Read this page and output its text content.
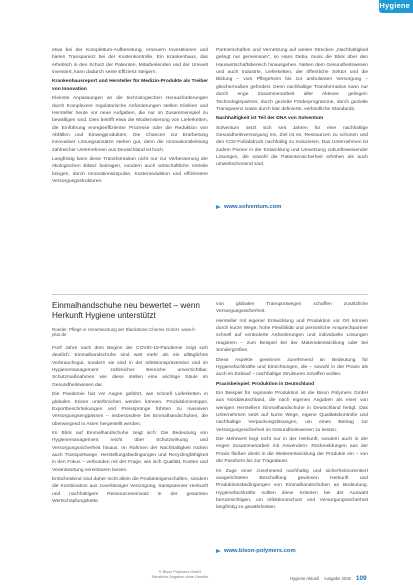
Hygiene

etwa bei der Komplettum-Aufbereitung, erneuern Investitionen und bieten Transparenz bei der Kostenkontrolle. Ein Krankenhaus, das erheblich in den Schutz der Patienten, Mitarbeitenden und der Umwelt investiert, kann dadurch seine Effizienz steigern.

Krankenhausreport und Hersteller für Medizin-Produkte als Treiber von Innovation

Kleinste Anpassungen an die technologischen Herausforderungen durch Komplexere regulatorische Anforderungen stellen Kliniken und Hersteller heute vor neue Aufgaben, die nur im Zusammenspiel zu bewältigen sind. Dies betrifft etwa die Modernisierung von Lieferketten, die Einführung energieeffizienter Prozesse oder die Reduktion von Abfällen und Einwegprodukten. Die Chancen zur Erarbeitung innovativer Lösungsansätze stehen gut, denn die Innovationsleistung zahlreicher Unternehmen aus Deutschland ist hoch.

Langfristig kann diese Transformation nicht nur zur Verbesserung der ökologischen Bilanz beitragen, sondern auch wirtschaftliche Vorteile bringen, durch Innovationsimpulse, Kostenreduktion und effizientere Versorgungsstrukturen.

Partnerschaften und Vernetzung auf weiten Strecken „Nachhaltigkeit gelingt nur gemeinsam“, so Hans Deba, muss die Blick über den Hauswirtschaftsbereich hinausgehen. Neben dem Gesundheitswesen und auch Industrie, Lieferketten, der öffentliche Sektor und die Bildung – vom Pflegeheim bis zur ambulanten Versorgung – gleichermaßen gefordert. Denn nachhaltige Transformation kann nur durch enge Zusammenarbeit aller Akteure gelingen: Technologiepartner, durch gezielte Förderprogramme, durch gezielte Transparenz sowie durch klar definierte, verbindliche Standards.

Nachhaltigkeit ist Teil der DNA von Solventum

Solventum setzt sich seit Jahren für eine nachhaltige Gesundheitsversorgung ein. Ziel ist es, Ressourcen zu schonen und den CO2-Fußabdruck nachhaltig zu reduzieren. Das Unternehmen ist zudem Pionier in der Entwicklung und Umsetzung zukunftsweisender Lösungen, die sowohl die Patientensicherheit erhöhen als auch umweltschonend sind.

www.solventum.com
Einmalhandschuhe neu bewertet – wenn Herkunft Hygiene unterstützt
Roeder, Pflege in Verantwortung der Blackstone Chemie GmbH. www.h-plus.de

Fünf Jahre nach dem Beginn der COVID-19-Pandemie zeigt sich deutlich: Einmalhandschuhe sind weit mehr als ein alltägliches Verbrauchsgut, sondern sie sind in der Infektionsprävention und im Hygienemanagement zahlreicher Bereiche unverzichtbar. Schutzmaßnahmen wie diese stellen eine wichtige Säule im Gesundheitswesen dar.

Die Pandemie hat vor Augen geführt, wie schnell Lieferketten in globalen Krisen unterbrochen werden können. Produktionsstopps, Exportbeschränkungen und Preissprünge führten zu massiven Versorgungsengpässen – insbesondere bei Einmalhandschuhen, die überwiegend in Asien hergestellt werden.

Im Blick auf Einmalhandschuhe zeigt sich: Die Bedeutung von Hygienemanagement reicht über Schutzwirkung und Versorgungssicherheit hinaus. Im Rahmen der Nachhaltigkeit rücken auch Transportwege, Herstellungsbedingungen und Recyclingfähigkeit in den Fokus – verbunden mit der Frage, wie sich Qualität, Kosten und Verantwortung vereinbaren lassen.

Entscheidend sind daher nicht allein die Produkteigenschaften, sondern die Kombination aus zuverlässiger Versorgung, transparenter Herkunft und nachhaltigem Ressourceneinsatz in der gesamten Wertschöpfungskette.

von globalen Transportwegen schaffen zusätzliche Versorgungssicherheit.

Hersteller mit eigener Entwicklung und Produktion vor Ort können durch kurze Wege, hohe Flexibilität und persönliche Ansprechpartner schnell auf veränderte Anforderungen und individuelle Lösungen reagieren – zum Beispiel bei der Materialentwicklung oder bei Sondergrößen.

Diese Aspekte gewinnen zunehmend an Bedeutung für Hygienefachkräfte und Einrichtungen, die – sowohl in der Praxis als auch im Einkauf – nachhaltige Strukturen schaffen wollen.

Praxisbeispiel: Produktion in Deutschland

Ein Beispiel für regionale Produktion ist die Bison Polymers GmbH aus Norddeutschland, die nach eigenen Angaben als einer von wenigen Herstellern Einmalhandschuhe in Deutschland fertigt. Das Unternehmen setzt auf kurze Wege, eigene Qualitätskontrolle und nachhaltige Verpackungslösungen, um einen Beitrag zur Versorgungssicherheit im Gesundheitswesen zu leisten.

Der Mehrwert liegt nicht nur in der Herkunft, sondern auch in der engen Zusammenarbeit mit Anwendern: Rückmeldungen aus der Praxis fließen direkt in die Weiterentwicklung der Produkte ein – von der Passform bis zur Tragedauer.

Im Zuge einer zunehmend nachhaltig und sicherheitsorientiert ausgerichteten Beschaffung gewinnen Herkunft und Produktionsbedingungen von Einmalhandschuhen an Bedeutung. Hygienefachkräfte sollten diese Kriterien bei der Auswahl berücksichtigen, um Infektionsschutz und Versorgungssicherheit langfristig zu gewährleisten.

www.bison-polymers.com
© Bison Polymers GmbH
Sämtliche Angaben ohne Gewähr	Hygiene Aktuell Ausgabe 2025 109
